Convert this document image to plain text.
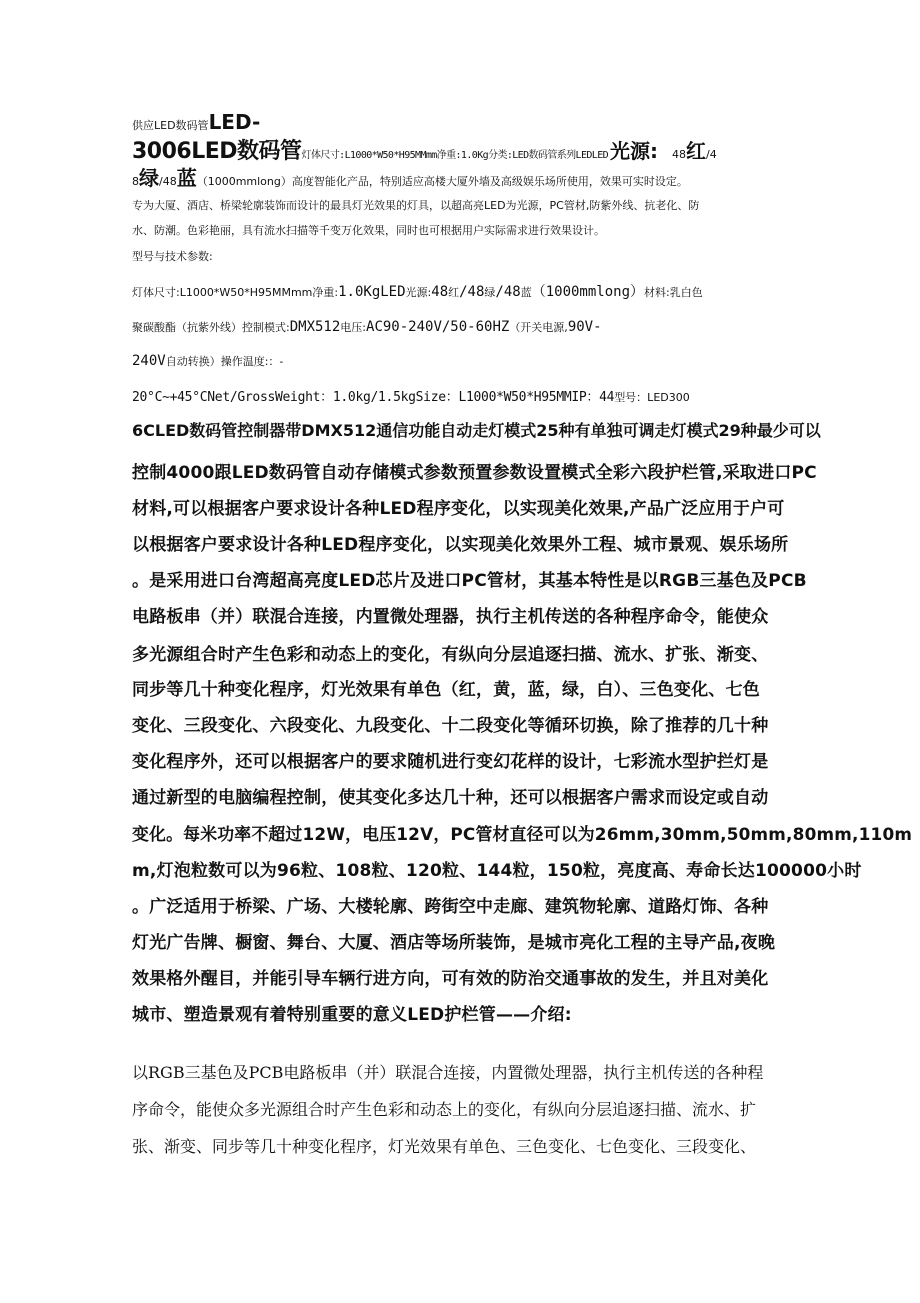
供应LED数码管LED-
3006LED数码管灯体尺寸:L1000*W50*H95MMmm净重:1.0Kg分类:LED数码管系列LEDLED 光源: 48红/4
8绿/48蓝（1000mmlong）高度智能化产品，特别适应高楼大厦外墙及高级娱乐场所使用，效果可实时设定。
专为大厦、酒店、桥梁轮廓装饰而设计的最具灯光效果的灯具，以超高亮LED为光源，PC管材,防紫外线、抗老化、防
水、防潮。色彩艳丽，具有流水扫描等千变万化效果，同时也可根据用户实际需求进行效果设计。
型号与技术参数:
灯体尺寸:L1000*W50*H95MMmm净重:1.0KgLED光源:48红/48绿/48蓝（1000mmlong）材料:乳白色
聚碳酸酯（抗紫外线）控制模式:DMX512电压:AC90-240V/50-60HZ（开关电源,90V-
240V自动转换）操作温度:：-
20°C~+45°CNet/GrossWeight：1.0kg/1.5kgSize：L1000*W50*H95MMIP：44型号：LED300
6CLED数码管控制器带DMX512通信功能自动走灯模式25种有单独可调走灯模式29种最少可以
控制4000跟LED数码管自动存储模式参数预置参数设置模式全彩六段护栏管,采取进口PC
材料,可以根据客户要求设计各种LED程序变化，以实现美化效果,产品广泛应用于户可
以根据客户要求设计各种LED程序变化，以实现美化效果外工程、城市景观、娱乐场所
。是采用进口台湾超高亮度LED芯片及进口PC管材，其基本特性是以RGB三基色及PCB
电路板串（并）联混合连接，内置微处理器，执行主机传送的各种程序命令，能使众
多光源组合时产生色彩和动态上的变化，有纵向分层追逐扫描、流水、扩张、渐变、
同步等几十种变化程序，灯光效果有单色（红，黄，蓝，绿，白）、三色变化、七色
变化、三段变化、六段变化、九段变化、十二段变化等循环切换，除了推荐的几十种
变化程序外，还可以根据客户的要求随机进行变幻花样的设计，七彩流水型护拦灯是
通过新型的电脑编程控制，使其变化多达几十种，还可以根据客户需求而设定或自动
变化。每米功率不超过12W，电压12V，PC管材直径可以为26mm,30mm,50mm,80mm,110m
m,灯泡粒数可以为96粒、108粒、120粒、144粒，150粒，亮度高、寿命长达100000小时
。广泛适用于桥梁、广场、大楼轮廓、跨街空中走廊、建筑物轮廓、道路灯饰、各种
灯光广告牌、橱窗、舞台、大厦、酒店等场所装饰，是城市亮化工程的主导产品,夜晚
效果格外醒目，并能引导车辆行进方向，可有效的防治交通事故的发生，并且对美化
城市、塑造景观有着特别重要的意义LED护栏管——介绍:
以RGB三基色及PCB电路板串（并）联混合连接，内置微处理器，执行主机传送的各种程
序命令，能使众多光源组合时产生色彩和动态上的变化，有纵向分层追逐扫描、流水、扩
张、渐变、同步等几十种变化程序，灯光效果有单色、三色变化、七色变化、三段变化、
